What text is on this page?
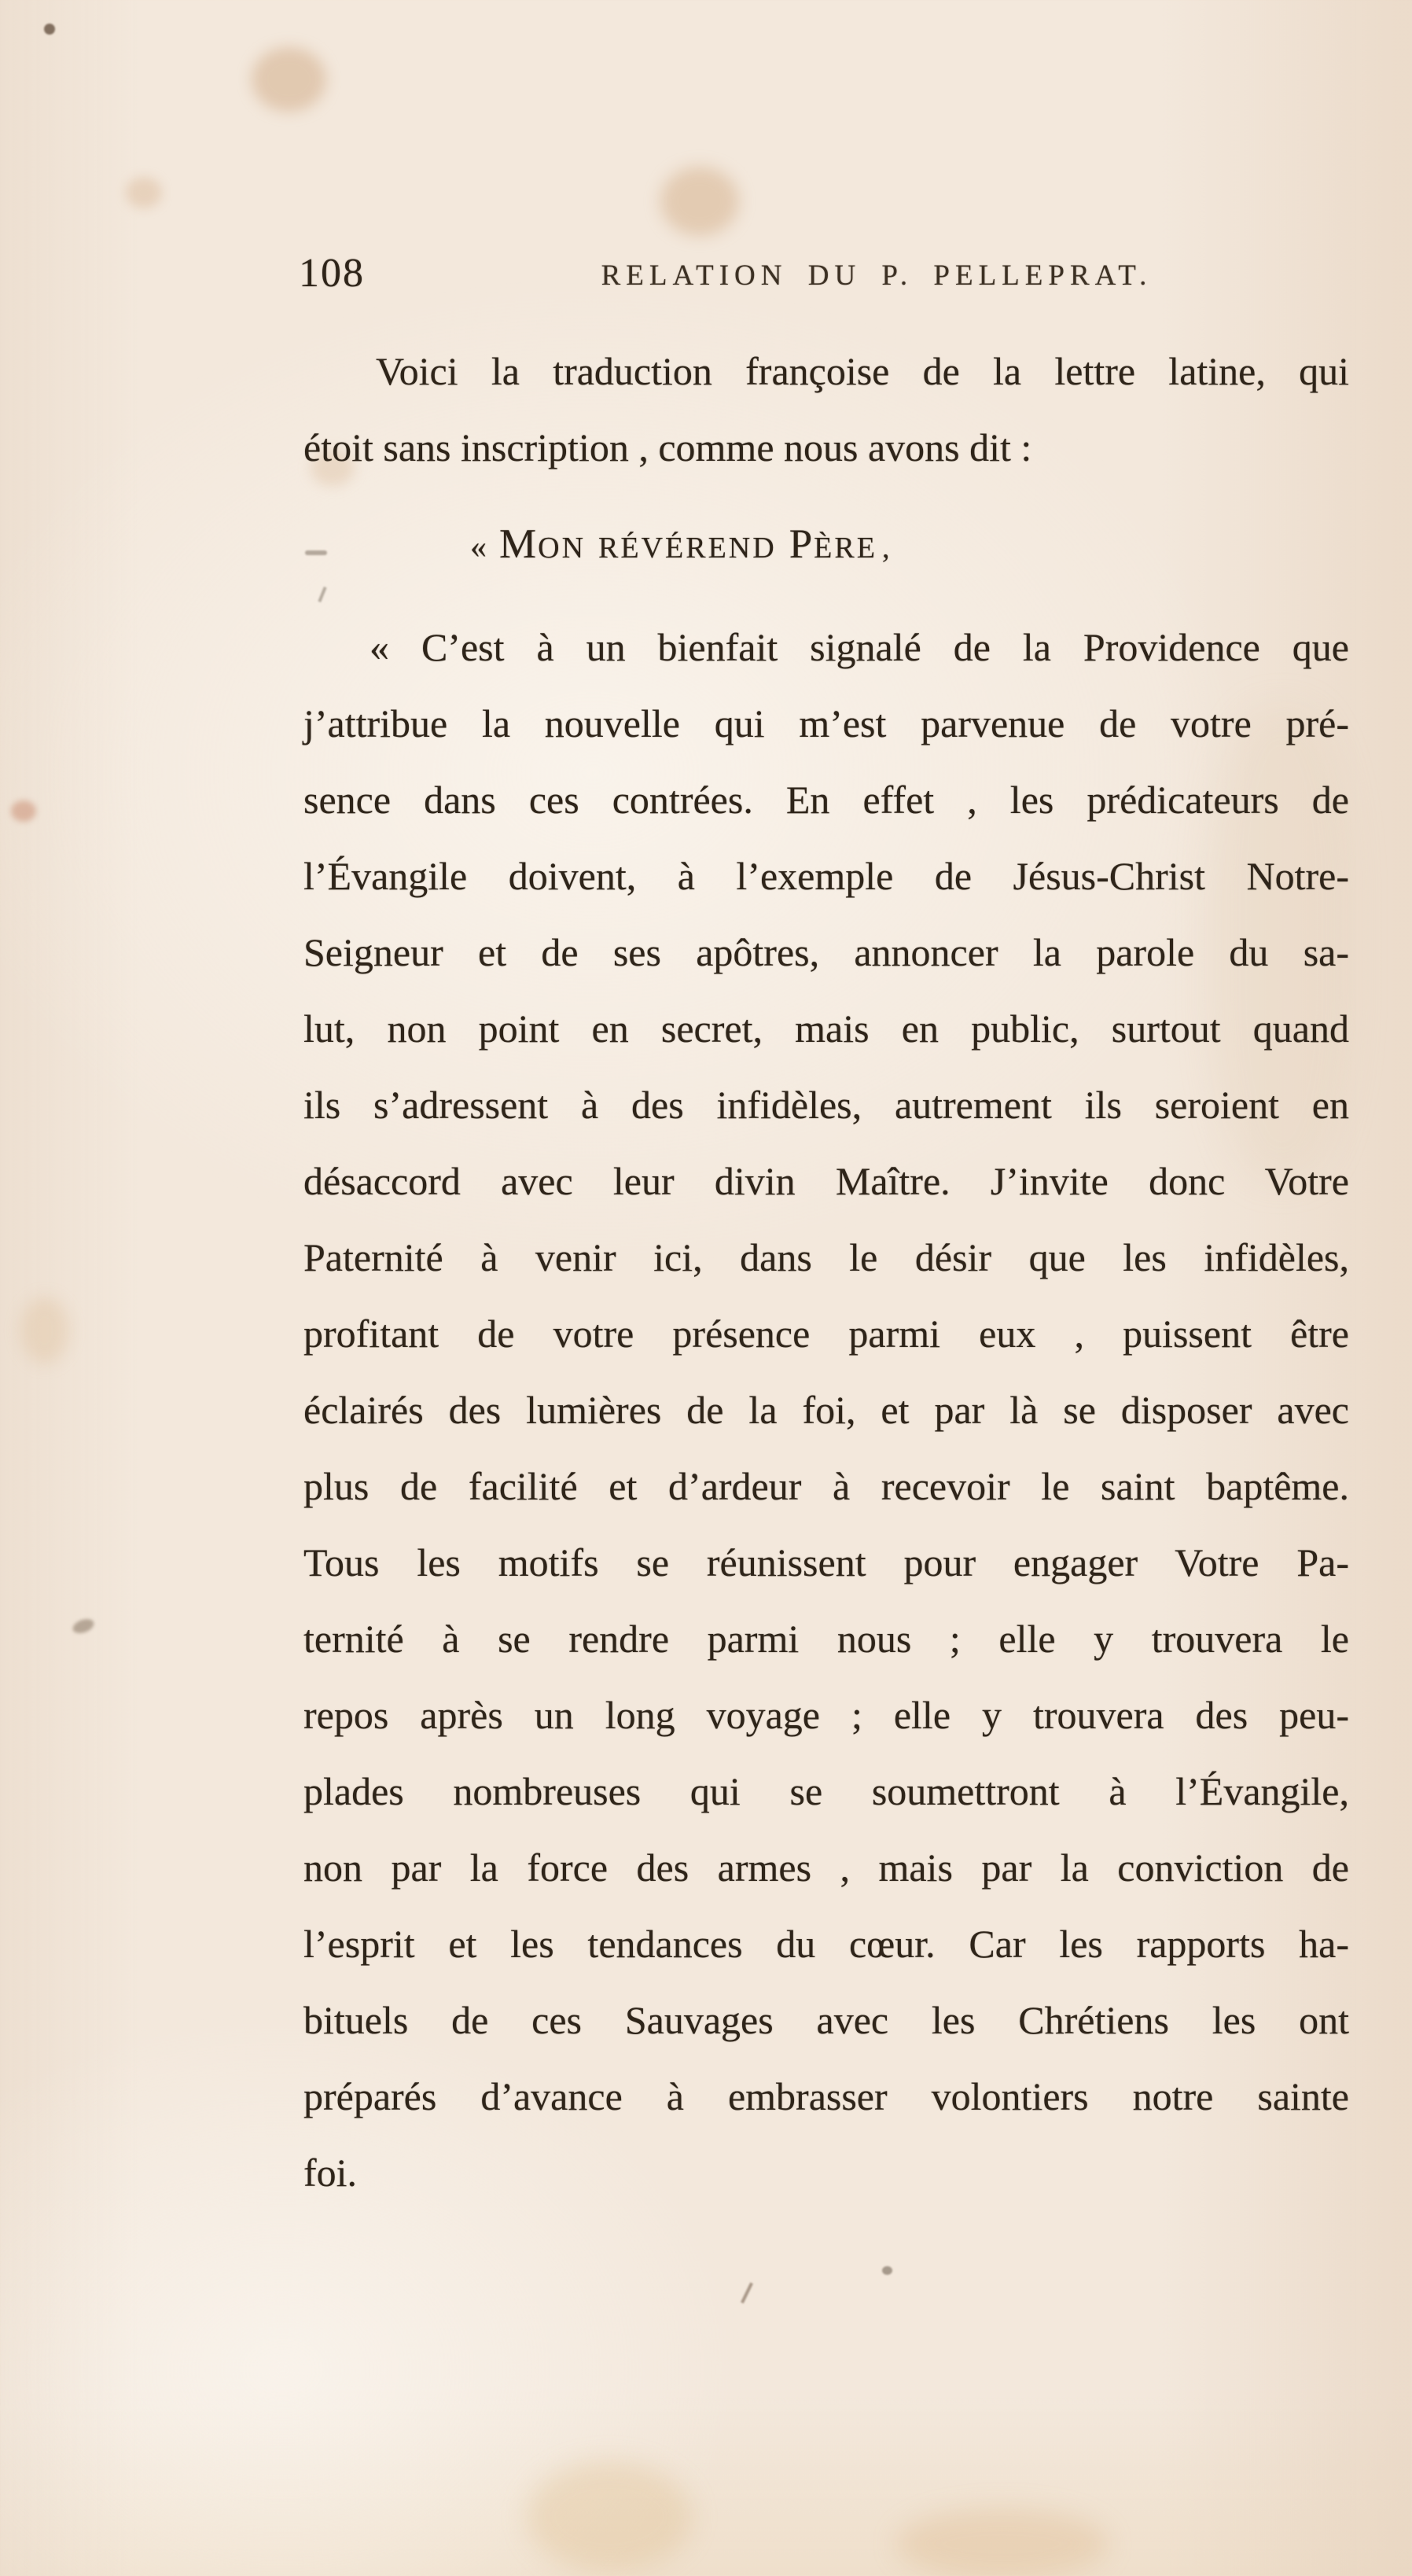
108	RELATION DU P. PELLEPRAT.
Voici la traduction françoise de la lettre latine, qui
étoit sans inscription , comme nous avons dit :
« MON RÉVÉREND PÈRE ,
« C’est à un bienfait signalé de la Providence que
j’attribue la nouvelle qui m’est parvenue de votre pré-
sence dans ces contrées. En effet , les prédicateurs de
l’Évangile doivent, à l’exemple de Jésus-Christ Notre-
Seigneur et de ses apôtres, annoncer la parole du sa-
lut, non point en secret, mais en public, surtout quand
ils s’adressent à des infidèles, autrement ils seroient en
désaccord avec leur divin Maître. J’invite donc Votre
Paternité à venir ici, dans le désir que les infidèles,
profitant de votre présence parmi eux , puissent être
éclairés des lumières de la foi, et par là se disposer avec
plus de facilité et d’ardeur à recevoir le saint baptême.
Tous les motifs se réunissent pour engager Votre Pa-
ternité à se rendre parmi nous ; elle y trouvera le
repos après un long voyage ; elle y trouvera des peu-
plades nombreuses qui se soumettront à l’Évangile,
non par la force des armes , mais par la conviction de
l’esprit et les tendances du cœur. Car les rapports ha-
bituels de ces Sauvages avec les Chrétiens les ont
préparés d’avance à embrasser volontiers notre sainte
foi.
